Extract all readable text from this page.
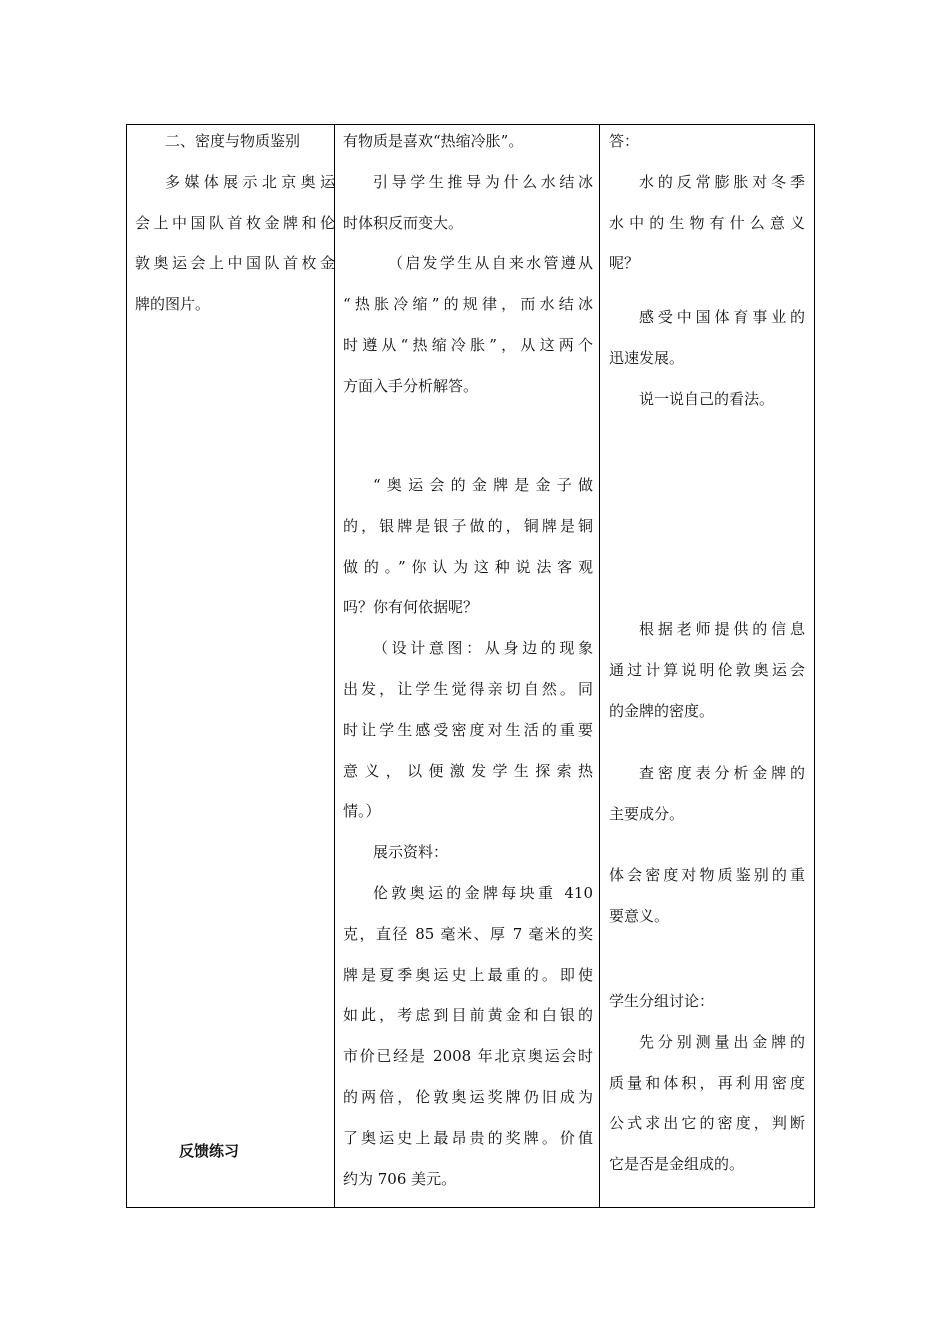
二、密度与物质鉴别

多媒体展示北京奥运

会上中国队首枚金牌和伦

敦奥运会上中国队首枚金

牌的图片。

反馈练习

有物质是喜欢“热缩冷胀”。

引导学生推导为什么水结冰

时体积反而变大。

（启发学生从自来水管遵从

“热胀冷缩”的规律，而水结冰

时遵从“热缩冷胀”，从这两个

方面入手分析解答。

“奥运会的金牌是金子做

的，银牌是银子做的，铜牌是铜

做的。”你认为这种说法客观

吗？你有何依据呢？

（设计意图：从身边的现象

出发，让学生觉得亲切自然。同

时让学生感受密度对生活的重要

意义，以便激发学生探索热

情。）

展示资料：

伦敦奥运的金牌每块重 410

克，直径 85 毫米、厚 7 毫米的奖

牌是夏季奥运史上最重的。即使

如此，考虑到目前黄金和白银的

市价已经是 2008 年北京奥运会时

的两倍，伦敦奥运奖牌仍旧成为

了奥运史上最昂贵的奖牌。价值

约为 706 美元。

答：

水的反常膨胀对冬季

水中的生物有什么意义

呢？

感受中国体育事业的

迅速发展。

说一说自己的看法。

根据老师提供的信息

通过计算说明伦敦奥运会

的金牌的密度。

查密度表分析金牌的

主要成分。

体会密度对物质鉴别的重

要意义。

学生分组讨论：

先分别测量出金牌的

质量和体积，再利用密度

公式求出它的密度，判断

它是否是金组成的。
